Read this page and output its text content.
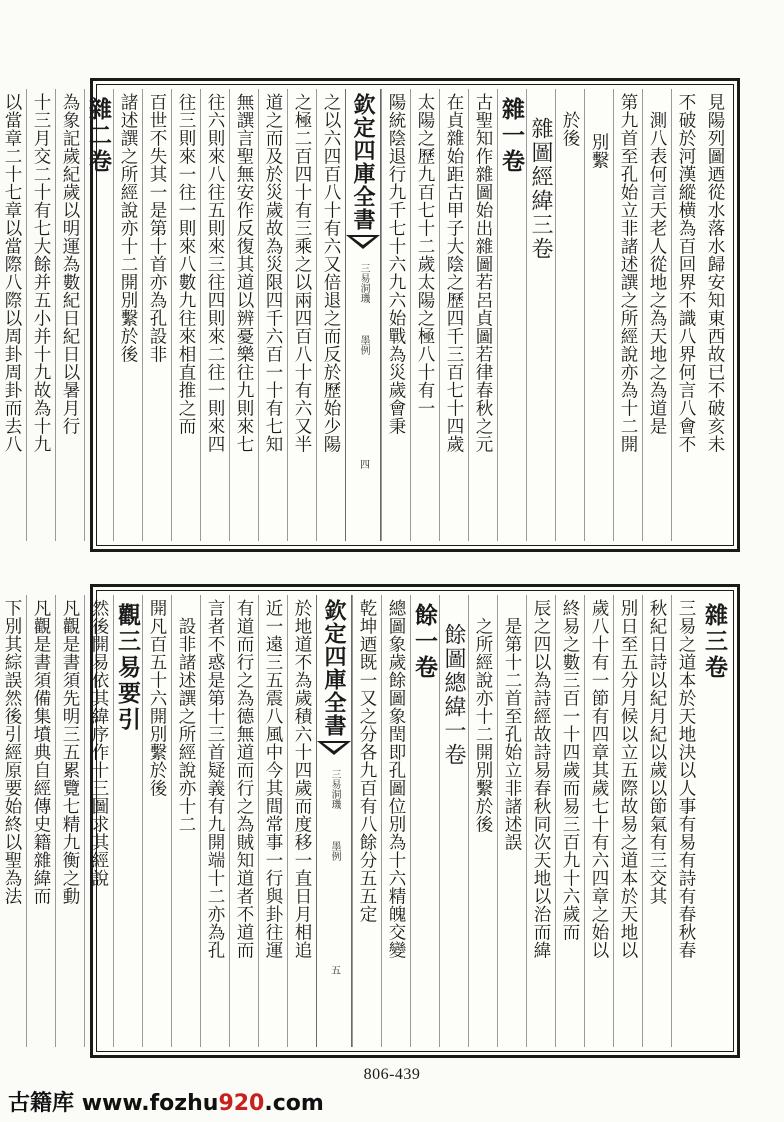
見陽列圖迺從水落水歸安知東西故已不破亥未
不破於河漢縱横為百回界不識八界何言八會不
測八表何言天老人從地之為天地之為道是
第九首至孔始立非諸述譔之所經說亦為十二開
別繫
於後
雜圖經緯三卷
雜一卷
古聖知作雜圖始出雜圖若呂貞圖若律春秋之元
在貞雜始距古甲子大陰之歷四千三百七十四歲
太陽之歷九百七十二歲太陽之極八十有一
陽統陰退行九千七十六九六始戰為災歲會秉
欽定四庫全書
三易洞璣 　 墨例
四
之以六四百八十有六又倍退之而反於歷始少陽
之極二百四十有三乘之以兩四百八十有六又半
道之而及於災歲故為災限四千六百一十有七知
無譔言聖無安作反復其道以辨憂樂往九則來七
往六則來八往五則來三往四則來二往一則來四
往三則來一往一則來八數九往來相直推之而
百世不失其一是第十首亦為孔設非
諸述譔之所經說亦十二開別繫於後
雜二卷
為象記歲紀歲以明運為數紀日紀日以暑月行
十三月交二十有七大餘并五小并十九故為十九
以當章二十七章以當際八際以周卦周卦而去八
雜三卷
三易之道本於天地決以人事有易有詩有春秋春
秋紀日詩以紀月紀以歲以節氣有三交其
別日至五分月候以立五際故易之道本於天地以
歲八十有一節有四章其歲七十有六四章之始以
終易之數三百一十四歲而易三百九十六歲而
辰之四以為詩經故詩易春秋同次天地以治而緯
是第十二首至孔始立非諸述誤
之所經說亦十二開別繫於後
餘圖總緯一卷
餘一卷
總圖象歲餘圖象閏即孔圖位別為十六精魄交變
乾坤迺既一又之分各九百有八餘分五五定
欽定四庫全書
三易洞璣 　 墨例
五
於地道不為歲積六十四歲而度移一直日月相追
近一遠三五震八風中今其間常事一行與卦往運
有道而行之為德無道而行之為賊知道者不道而
言者不惑是第十三首疑義有九開端十二亦為孔
設非諸述譔之所經說亦十二
開凡百五十六開別繫於後
觀三易要引
然後開易依其緯序作十三圖求其經說
凡觀是書須先明三五累覽七精九衡之動
凡觀是書須備集墳典自經傳史籍雜緯而
下別其綜誤然後引經原要始終以聖為法
806-439
古籍库 www.fozhu920.com
